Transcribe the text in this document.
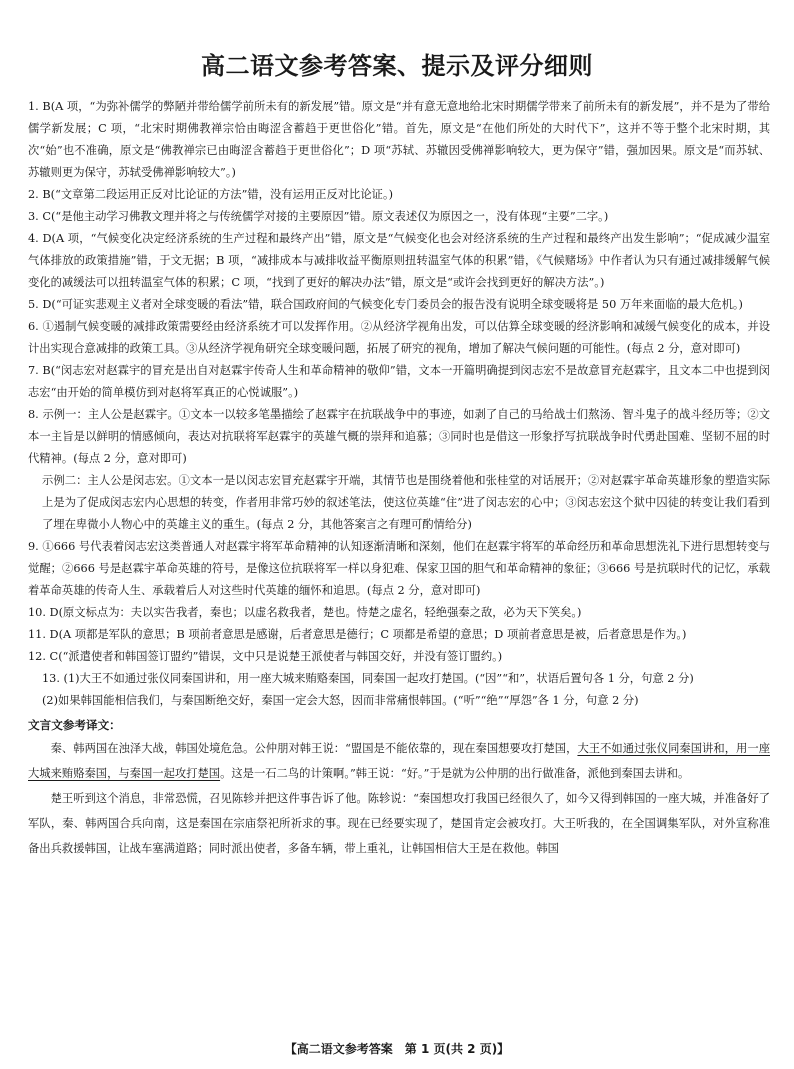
高二语文参考答案、提示及评分细则

1. B(A 项，“为弥补儒学的弊陋并带给儒学前所未有的新发展”错。原文是“并有意无意地给北宋时期儒学带来了前所未有的新发展”，并不是为了带给儒学新发展；C 项，“北宋时期佛教禅宗恰由晦涩含蓄趋于更世俗化”错。首先，原文是“在他们所处的大时代下”，这并不等于整个北宋时期，其次“始”也不准确，原文是“佛教禅宗已由晦涩含蓄趋于更世俗化”；D 项“苏轼、苏辙因受佛禅影响较大，更为保守”错，强加因果。原文是“而苏轼、苏辙则更为保守，苏轼受佛禅影响较大”。)

2. B(“文章第二段运用正反对比论证的方法”错，没有运用正反对比论证。)

3. C(“是他主动学习佛教文理并将之与传统儒学对接的主要原因”错。原文表述仅为原因之一，没有体现“主要”二字。)

4. D(A 项，“气候变化决定经济系统的生产过程和最终产出”错，原文是“气候变化也会对经济系统的生产过程和最终产出发生影响”；“促成减少温室气体排放的政策措施”错，于文无据；B 项，“减排成本与减排收益平衡原则扭转温室气体的积累”错，《气候赌场》中作者认为只有通过减排缓解气候变化的减缓法可以扭转温室气体的积累；C 项，“找到了更好的解决办法”错，原文是“或许会找到更好的解决方法”。)

5. D(“可证实悲观主义者对全球变暖的看法”错，联合国政府间的气候变化专门委员会的报告没有说明全球变暖将是 50 万年来面临的最大危机。)

6. ①遏制气候变暖的减排政策需要经由经济系统才可以发挥作用。②从经济学视角出发，可以估算全球变暖的经济影响和减缓气候变化的成本，并设计出实现合意减排的政策工具。③从经济学视角研究全球变暖问题，拓展了研究的视角，增加了解决气候问题的可能性。(每点 2 分，意对即可)

7. B(“闵志宏对赵霖宇的冒充是出自对赵霖宇传奇人生和革命精神的敬仰”错，文本一开篇明确提到闵志宏不是故意冒充赵霖宇，且文本二中也提到闵志宏“由开始的简单模仿到对赵将军真正的心悦诚服”。)

8. 示例一：主人公是赵霖宇。①文本一以较多笔墨描绘了赵霖宇在抗联战争中的事迹，如剥了自己的马给战士们熬汤、智斗鬼子的战斗经历等；②文本一主旨是以鲜明的情感倾向，表达对抗联将军赵霖宇的英雄气概的崇拜和追慕；③同时也是借这一形象抒写抗联战争时代勇赴国难、坚韧不屈的时代精神。(每点 2 分，意对即可)

示例二：主人公是闵志宏。①文本一是以闵志宏冒充赵霖宇开端，其情节也是围绕着他和张桂堂的对话展开；②对赵霖宇革命英雄形象的塑造实际上是为了促成闵志宏内心思想的转变，作者用非常巧妙的叙述笔法，使这位英雄“住”进了闵志宏的心中；③闵志宏这个狱中囚徒的转变让我们看到了埋在卑微小人物心中的英雄主义的重生。(每点 2 分，其他答案言之有理可酌情给分)

9. ①666 号代表着闵志宏这类普通人对赵霖宇将军革命精神的认知逐渐清晰和深刻，他们在赵霖宇将军的革命经历和革命思想洗礼下进行思想转变与觉醒；②666 号是赵霖宇革命英雄的符号，是像这位抗联将军一样以身犯难、保家卫国的胆气和革命精神的象征；③666 号是抗联时代的记忆，承载着革命英雄的传奇人生、承载着后人对这些时代英雄的缅怀和追思。(每点 2 分，意对即可)

10. D(原文标点为：夫以实告我者，秦也；以虚名救我者，楚也。恃楚之虚名，轻绝强秦之敌，必为天下笑矣。)

11. D(A 项都是军队的意思；B 项前者意思是感谢，后者意思是德行；C 项都是希望的意思；D 项前者意思是被，后者意思是作为。)

12. C(“派遣使者和韩国签订盟约”错误，文中只是说楚王派使者与韩国交好，并没有签订盟约。)

13. (1)大王不如通过张仪同秦国讲和，用一座大城来贿赂秦国，同秦国一起攻打楚国。(“因”“和”，状语后置句各 1 分，句意 2 分)

(2)如果韩国能相信我们，与秦国断绝交好，秦国一定会大怒，因而非常痛恨韩国。(“听”“绝”“厚怨”各 1 分，句意 2 分)

文言文参考译文：

秦、韩两国在浊泽大战，韩国处境危急。公仲朋对韩王说：“盟国是不能依靠的，现在秦国想要攻打楚国，大王不如通过张仪同秦国讲和，用一座大城来贿赂秦国，与秦国一起攻打楚国。这是一石二鸟的计策啊。”韩王说：“好。”于是就为公仲朋的出行做准备，派他到秦国去讲和。

楚王听到这个消息，非常恐慌，召见陈轸并把这件事告诉了他。陈轸说：“秦国想攻打我国已经很久了，如今又得到韩国的一座大城，并准备好了军队，秦、韩两国合兵向南，这是秦国在宗庙祭祀所祈求的事。现在已经要实现了，楚国肯定会被攻打。大王听我的，在全国调集军队，对外宣称准备出兵救援韩国，让战车塞满道路；同时派出使者，多备车辆，带上重礼，让韩国相信大王是在救他。韩国

【高二语文参考答案　第 1 页(共 2 页)】
